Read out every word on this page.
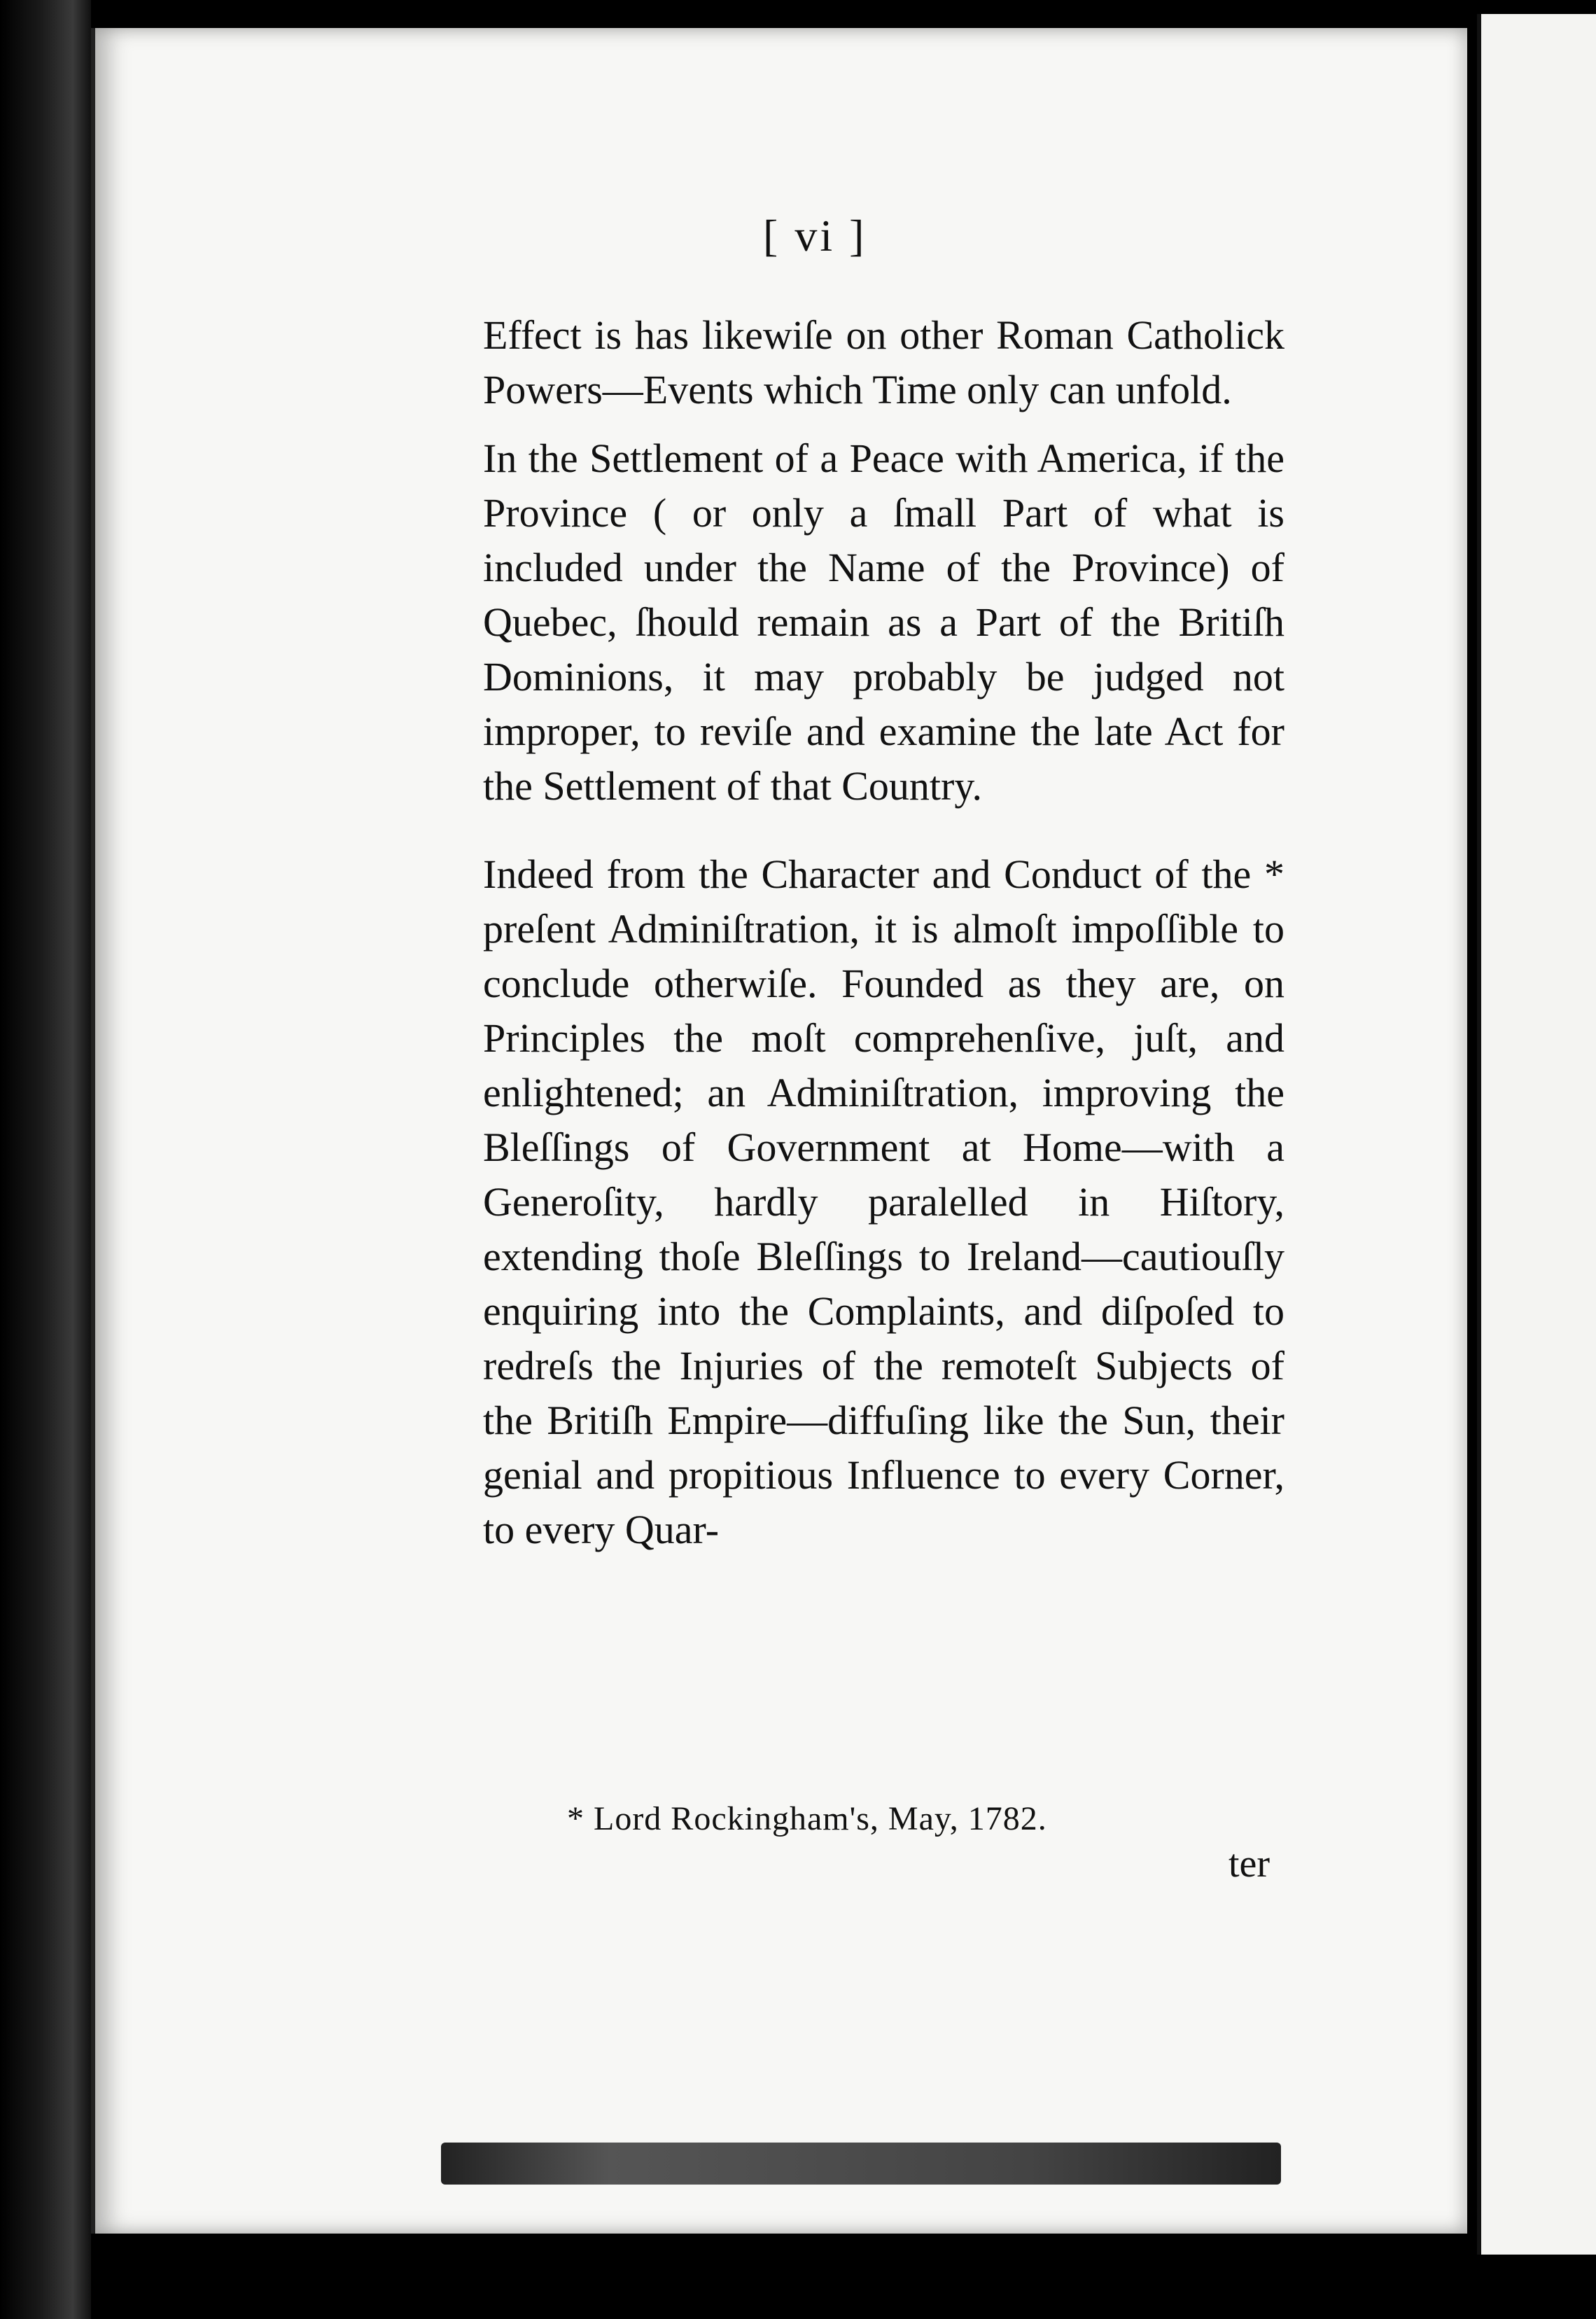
[ vi ]

Effect is has likewiſe on other Roman Catholick Powers—Events which Time only can unfold.

In the Settlement of a Peace with America, if the Province ( or only a ſmall Part of what is included under the Name of the Province) of Quebec, ſhould remain as a Part of the Britiſh Dominions, it may probably be judged not improper, to reviſe and examine the late Act for the Settlement of that Country.

Indeed from the Character and Conduct of the * preſent Adminiſtration, it is almoſt impoſſible to conclude otherwiſe. Founded as they are, on Principles the moſt comprehenſive, juſt, and enlightened; an Adminiſtration, improving the Bleſſings of Government at Home—with a Generoſity, hardly paralelled in Hiſtory, extending thoſe Bleſſings to Ireland—cautiouſly enquiring into the Complaints, and diſpoſed to redreſs the Injuries of the remoteſt Subjects of the Britiſh Empire—diffuſing like the Sun, their genial and propitious Influence to every Corner, to every Quar-

* Lord Rockingham's, May, 1782.
ter
